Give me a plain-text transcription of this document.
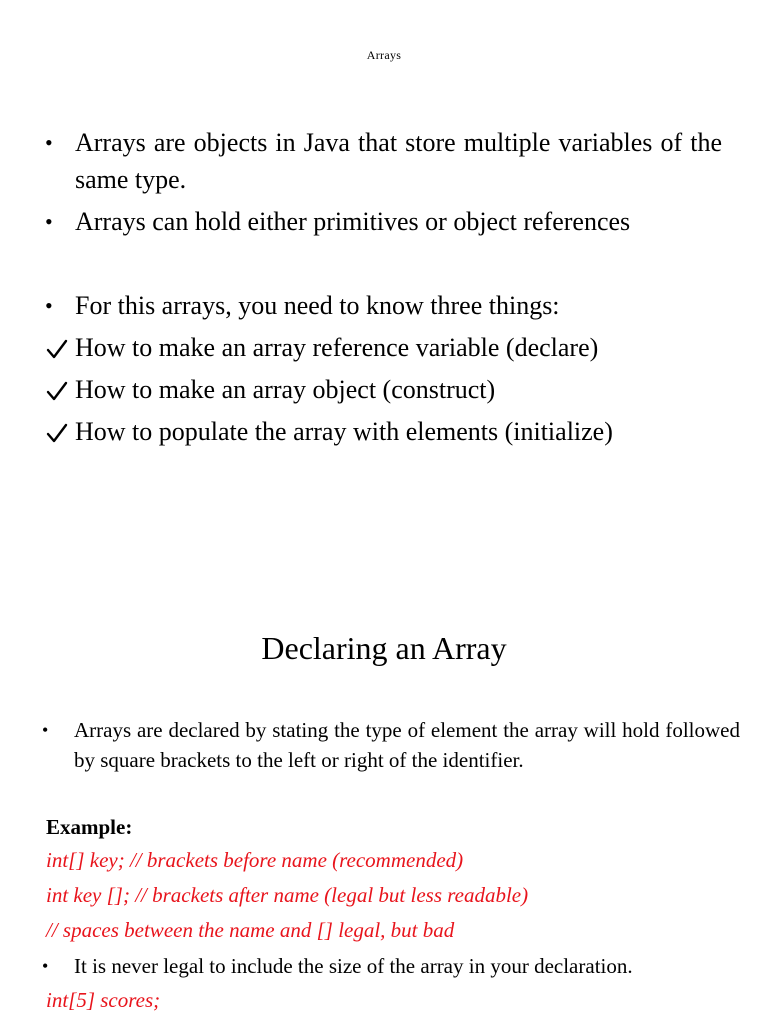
Arrays
• Arrays are objects in Java that store multiple variables of the same type.
• Arrays can hold either primitives or object references
• For this arrays, you need to know three things:
How to make an array reference variable (declare)
How to make an array object (construct)
How to populate the array with elements (initialize)
Declaring an Array
• Arrays are declared by stating the type of element the array will hold followed by square brackets to the left or right of the identifier.
Example:
int[] key; // brackets before name (recommended)
int key []; // brackets after name (legal but less readable)
// spaces between the name and [] legal, but bad
• It is never legal to include the size of the array in your declaration.
int[5] scores;
